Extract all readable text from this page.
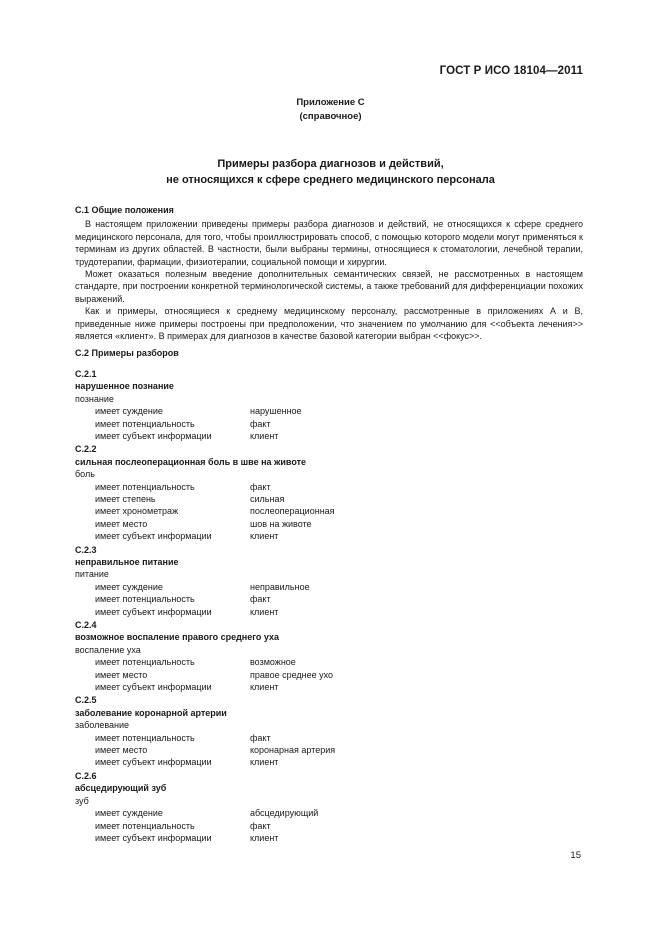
ГОСТ Р ИСО 18104—2011
Приложение С
(справочное)
Примеры разбора диагнозов и действий,
не относящихся к сфере среднего медицинского персонала
С.1 Общие положения

В настоящем приложении приведены примеры разбора диагнозов и действий, не относящихся к сфере среднего медицинского персонала, для того, чтобы проиллюстрировать способ, с помощью которого модели могут применяться к терминам из других областей. В частности, были выбраны термины, относящиеся к стоматологии, лечебной терапии, трудотерапии, фармации, физиотерапии, социальной помощи и хирургии.

Может оказаться полезным введение дополнительных семантических связей, не рассмотренных в настоящем стандарте, при построении конкретной терминологической системы, а также требований для дифференциации похожих выражений.

Как и примеры, относящиеся к среднему медицинскому персоналу, рассмотренные в приложениях А и В, приведенные ниже примеры построены при предположении, что значением по умолчанию для <<объекта лечения>> является «клиент». В примерах для диагнозов в качестве базовой категории выбран <<фокус>>.

С.2 Примеры разборов
С.2.1
нарушенное познание
познание
имеет суждение	нарушенное
имеет потенциальность	факт
имеет субъект информации	клиент
С.2.2
сильная послеоперационная боль в шве на животе
боль
имеет потенциальность	факт
имеет степень	сильная
имеет хронометраж	послеоперационная
имеет место	шов на животе
имеет субъект информации	клиент
С.2.3
неправильное питание
питание
имеет суждение	неправильное
имеет потенциальность	факт
имеет субъект информации	клиент
С.2.4
возможное воспаление правого среднего уха
воспаление уха
имеет потенциальность	возможное
имеет место	правое среднее ухо
имеет субъект информации	клиент
С.2.5
заболевание коронарной артерии
заболевание
имеет потенциальность	факт
имеет место	коронарная артерия
имеет субъект информации	клиент
С.2.6
абсцедирующий зуб
зуб
имеет суждение	абсцедирующий
имеет потенциальность	факт
имеет субъект информации	клиент
15
